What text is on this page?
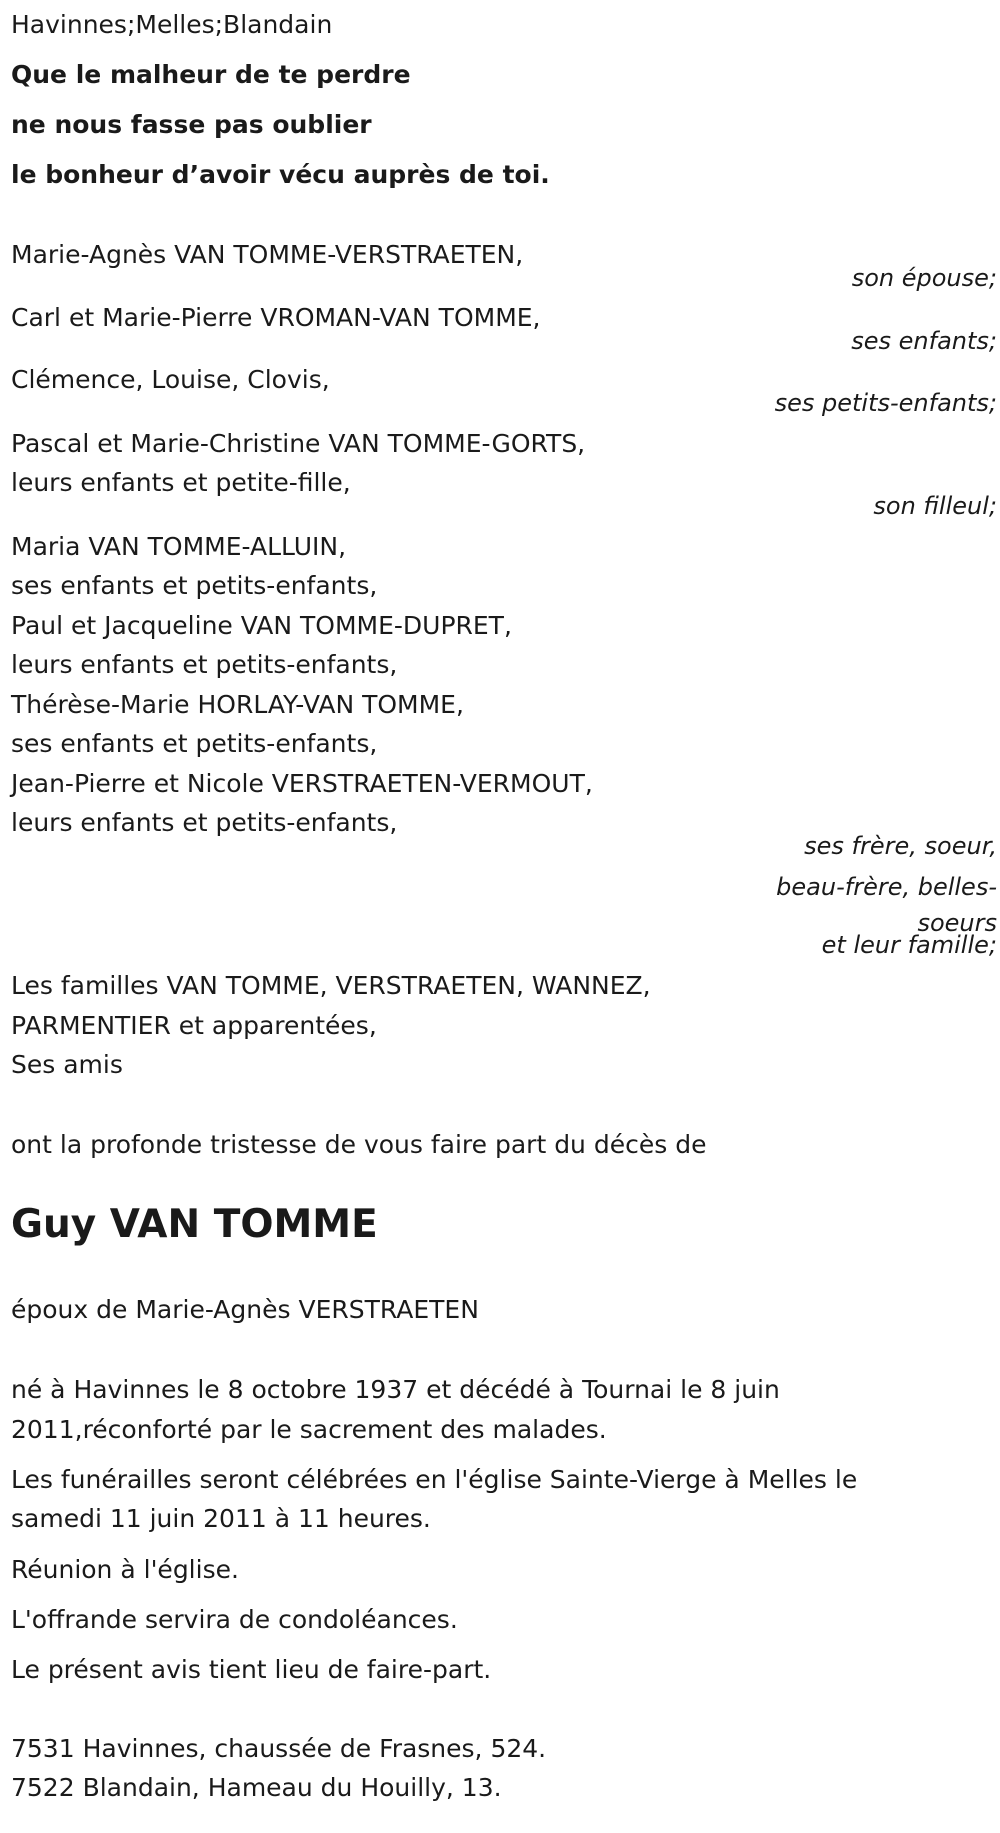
Havinnes;Melles;Blandain

Que le malheur de te perdre

ne nous fasse pas oublier

le bonheur d’avoir vécu auprès de toi.

Marie-Agnès VAN TOMME-VERSTRAETEN,

son épouse;

Carl et Marie-Pierre VROMAN-VAN TOMME,

ses enfants;

Clémence, Louise, Clovis,

ses petits-enfants;

Pascal et Marie-Christine VAN TOMME-GORTS,

leurs enfants et petite-fille,

son filleul;

Maria VAN TOMME-ALLUIN,

ses enfants et petits-enfants,

Paul et Jacqueline VAN TOMME-DUPRET,

leurs enfants et petits-enfants,

Thérèse-Marie HORLAY-VAN TOMME,

ses enfants et petits-enfants,

Jean-Pierre et Nicole VERSTRAETEN-VERMOUT,

leurs enfants et petits-enfants,

ses frère, soeur,

beau-frère, belles-

soeurs

et leur famille;

Les familles VAN TOMME, VERSTRAETEN, WANNEZ,

PARMENTIER et apparentées,

Ses amis

ont la profonde tristesse de vous faire part du décès de

Guy VAN TOMME

époux de Marie-Agnès VERSTRAETEN

né à Havinnes le 8 octobre 1937 et décédé à Tournai le 8 juin

2011,réconforté par le sacrement des malades.

Les funérailles seront célébrées en l'église Sainte-Vierge à Melles le

samedi 11 juin 2011 à 11 heures.

Réunion à l'église.

L'offrande servira de condoléances.

Le présent avis tient lieu de faire-part.

7531 Havinnes, chaussée de Frasnes, 524.

7522 Blandain, Hameau du Houilly, 13.
